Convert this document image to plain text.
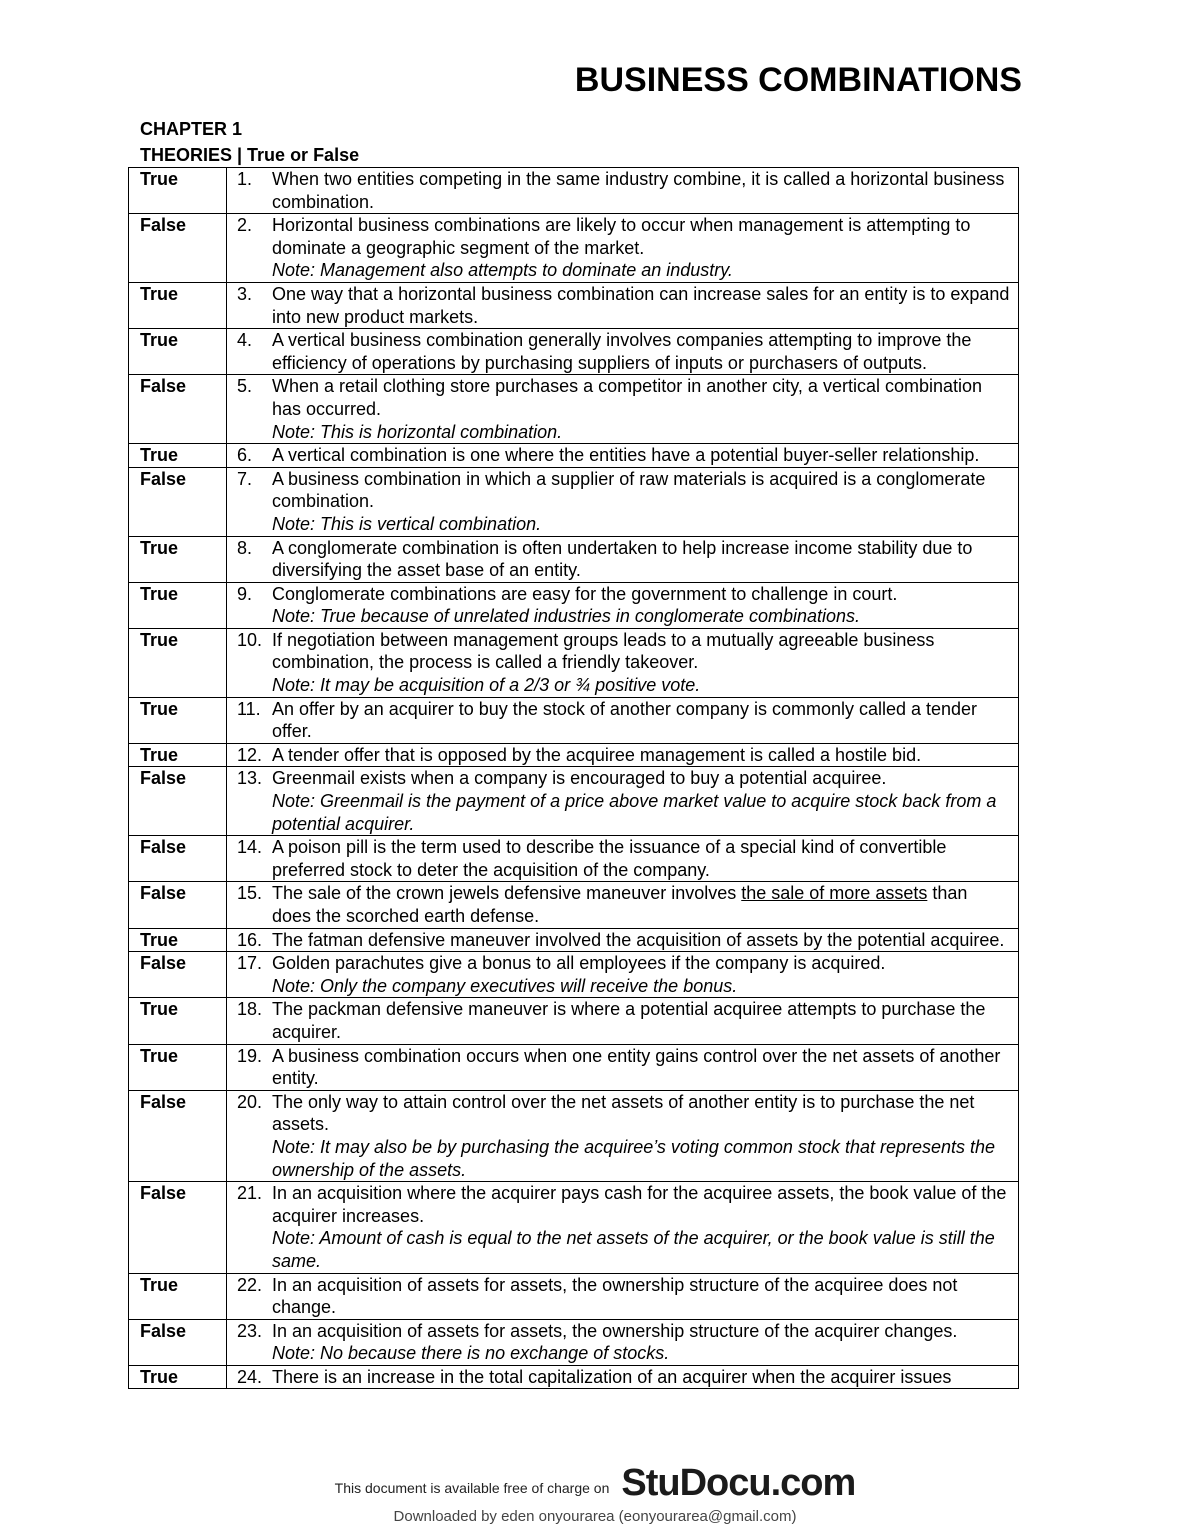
BUSINESS COMBINATIONS
CHAPTER 1
THEORIES | True or False
True	1. When two entities competing in the same industry combine, it is called a horizontal business combination.

False	2. Horizontal business combinations are likely to occur when management is attempting to dominate a geographic segment of the market.
Note: Management also attempts to dominate an industry.

True	3. One way that a horizontal business combination can increase sales for an entity is to expand into new product markets.

True	4. A vertical business combination generally involves companies attempting to improve the efficiency of operations by purchasing suppliers of inputs or purchasers of outputs.

False	5. When a retail clothing store purchases a competitor in another city, a vertical combination has occurred.
Note: This is horizontal combination.

True	6. A vertical combination is one where the entities have a potential buyer-seller relationship.

False	7. A business combination in which a supplier of raw materials is acquired is a conglomerate combination.
Note: This is vertical combination.

True	8. A conglomerate combination is often undertaken to help increase income stability due to diversifying the asset base of an entity.

True	9. Conglomerate combinations are easy for the government to challenge in court.
Note: True because of unrelated industries in conglomerate combinations.

True	10. If negotiation between management groups leads to a mutually agreeable business combination, the process is called a friendly takeover.
Note: It may be acquisition of a 2/3 or ¾ positive vote.

True	11. An offer by an acquirer to buy the stock of another company is commonly called a tender offer.

True	12. A tender offer that is opposed by the acquiree management is called a hostile bid.

False	13. Greenmail exists when a company is encouraged to buy a potential acquiree.
Note: Greenmail is the payment of a price above market value to acquire stock back from a potential acquirer.

False	14. A poison pill is the term used to describe the issuance of a special kind of convertible preferred stock to deter the acquisition of the company.

False	15. The sale of the crown jewels defensive maneuver involves the sale of more assets than does the scorched earth defense.

True	16. The fatman defensive maneuver involved the acquisition of assets by the potential acquiree.

False	17. Golden parachutes give a bonus to all employees if the company is acquired.
Note: Only the company executives will receive the bonus.

True	18. The packman defensive maneuver is where a potential acquiree attempts to purchase the acquirer.

True	19. A business combination occurs when one entity gains control over the net assets of another entity.

False	20. The only way to attain control over the net assets of another entity is to purchase the net assets.
Note: It may also be by purchasing the acquiree’s voting common stock that represents the ownership of the assets.

False	21. In an acquisition where the acquirer pays cash for the acquiree assets, the book value of the acquirer increases.
Note: Amount of cash is equal to the net assets of the acquirer, or the book value is still the same.

True	22. In an acquisition of assets for assets, the ownership structure of the acquiree does not change.

False	23. In an acquisition of assets for assets, the ownership structure of the acquirer changes.
Note: No because there is no exchange of stocks.

True	24. There is an increase in the total capitalization of an acquirer when the acquirer issues
This document is available free of charge on StuDocu.com
Downloaded by eden onyourarea (eonyourarea@gmail.com)
